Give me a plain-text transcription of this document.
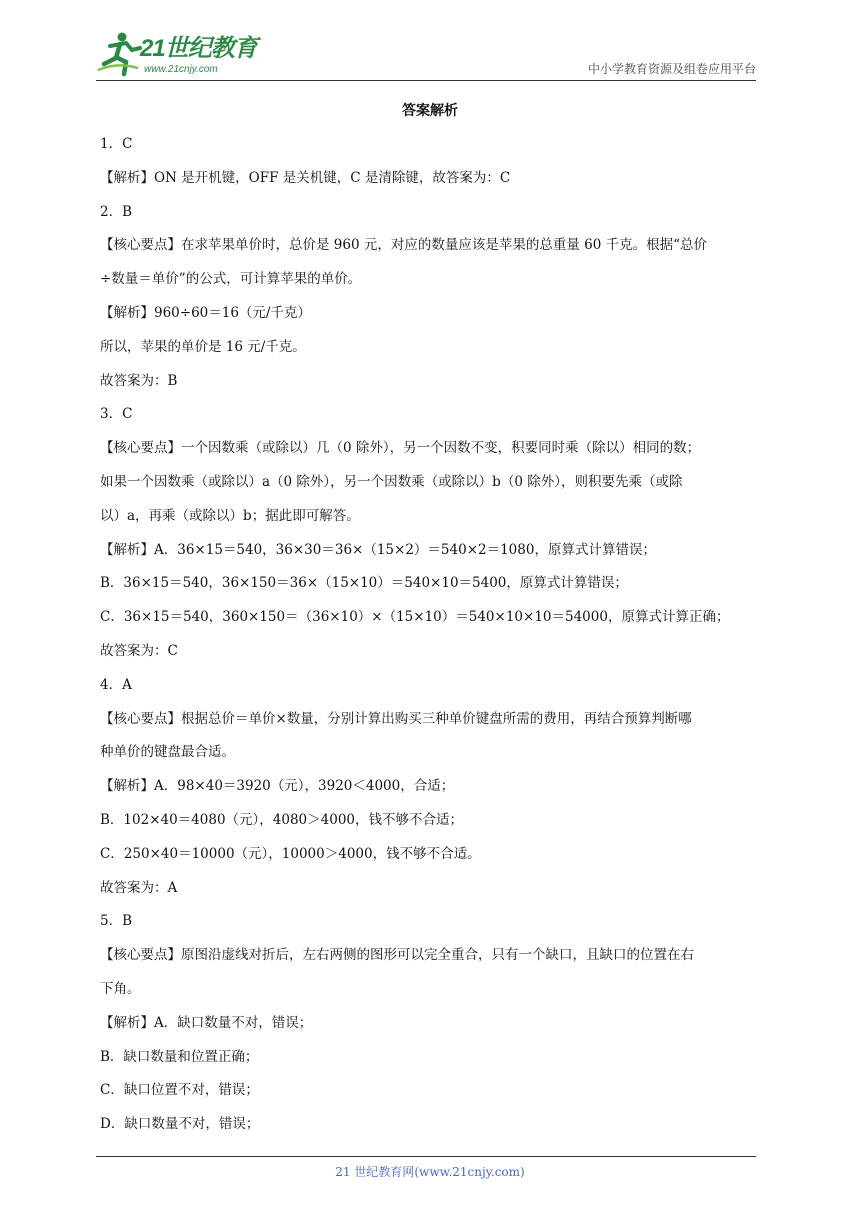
21世纪教育
www.21cnjy.com	中小学教育资源及组卷应用平台
答案解析

1．C

【解析】ON 是开机键，OFF 是关机键，C 是清除键，故答案为：C

2．B

【核心要点】在求苹果单价时，总价是 960 元，对应的数量应该是苹果的总重量 60 千克。根据“总价

÷数量＝单价”的公式，可计算苹果的单价。

【解析】960÷60＝16（元/千克）

所以，苹果的单价是 16 元/千克。

故答案为：B

3．C

【核心要点】一个因数乘（或除以）几（0 除外），另一个因数不变，积要同时乘（除以）相同的数；

如果一个因数乘（或除以）a（0 除外），另一个因数乘（或除以）b（0 除外），则积要先乘（或除

以）a，再乘（或除以）b；据此即可解答。

【解析】A．36×15＝540，36×30＝36×（15×2）＝540×2＝1080，原算式计算错误；

B．36×15＝540，36×150＝36×（15×10）＝540×10＝5400，原算式计算错误；

C．36×15＝540，360×150＝（36×10）×（15×10）＝540×10×10＝54000，原算式计算正确；

故答案为：C

4．A

【核心要点】根据总价＝单价×数量，分别计算出购买三种单价键盘所需的费用，再结合预算判断哪

种单价的键盘最合适。

【解析】A．98×40＝3920（元），3920＜4000，合适；

B．102×40＝4080（元），4080＞4000，钱不够不合适；

C．250×40＝10000（元），10000＞4000，钱不够不合适。

故答案为：A

5．B

【核心要点】原图沿虚线对折后，左右两侧的图形可以完全重合，只有一个缺口，且缺口的位置在右

下角。

【解析】A．缺口数量不对，错误；

B．缺口数量和位置正确；

C．缺口位置不对，错误；

D．缺口数量不对，错误；

21 世纪教育网(www.21cnjy.com)
